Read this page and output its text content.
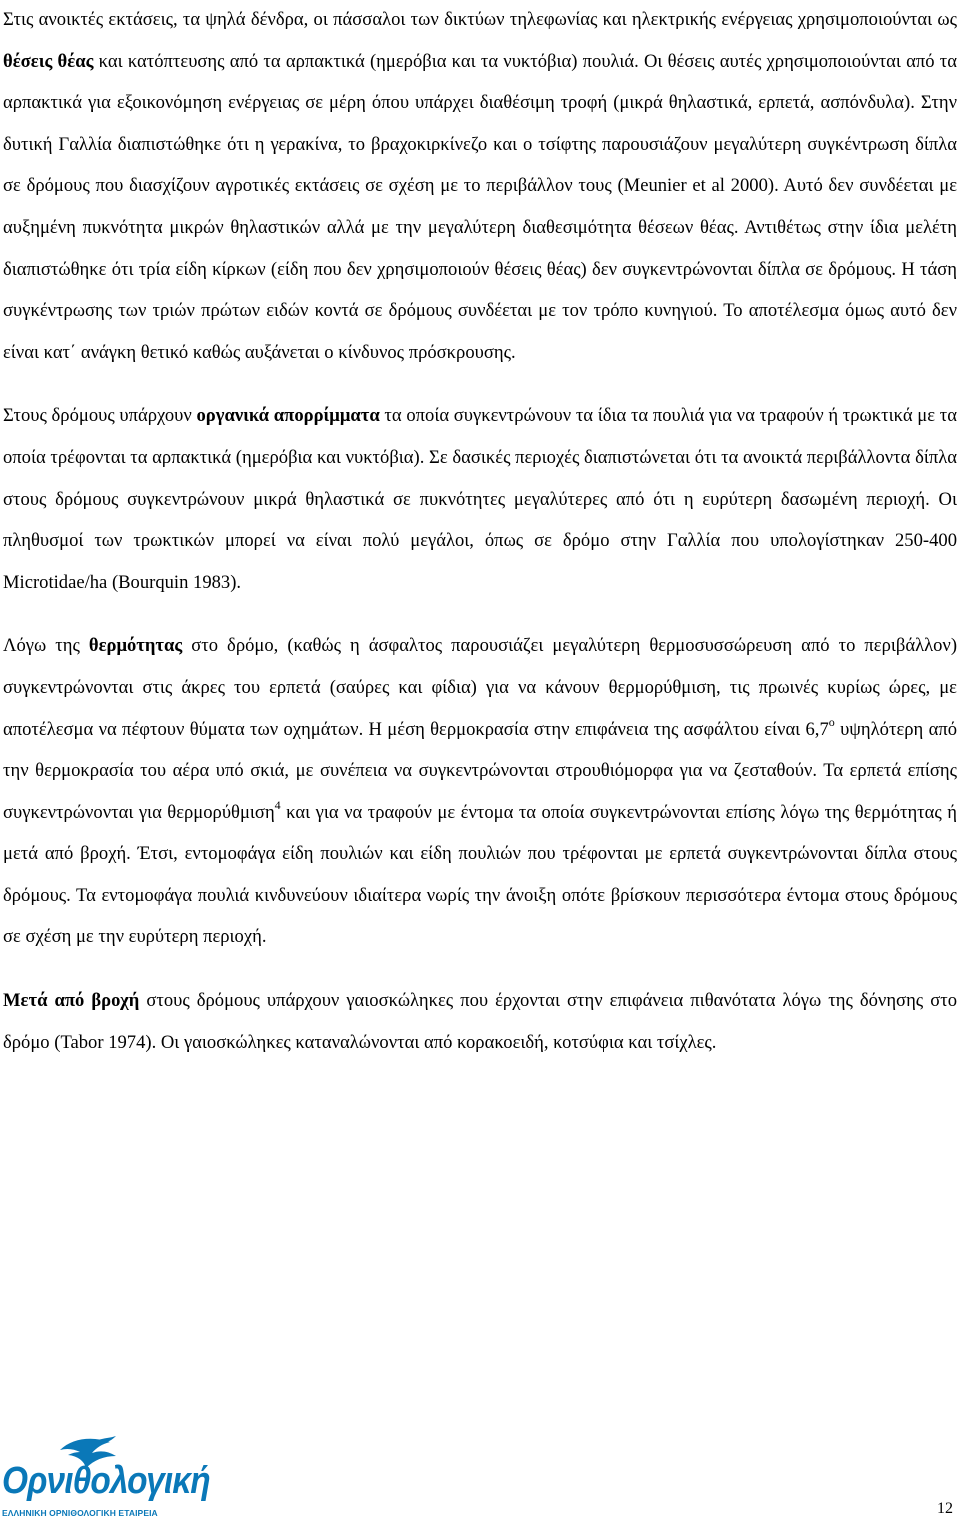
Στις ανοικτές εκτάσεις, τα ψηλά δένδρα, οι πάσσαλοι των δικτύων τηλεφωνίας και ηλεκτρικής ενέργειας χρησιμοποιούνται ως θέσεις θέας και κατόπτευσης από τα αρπακτικά (ημερόβια και τα νυκτόβια) πουλιά. Οι θέσεις αυτές χρησιμοποιούνται από τα αρπακτικά για εξοικονόμηση ενέργειας σε μέρη όπου υπάρχει διαθέσιμη τροφή (μικρά θηλαστικά, ερπετά, ασπόνδυλα). Στην δυτική Γαλλία διαπιστώθηκε ότι η γερακίνα, το βραχοκιρκίνεζο και ο τσίφτης παρουσιάζουν μεγαλύτερη συγκέντρωση δίπλα σε δρόμους που διασχίζουν αγροτικές εκτάσεις σε σχέση με το περιβάλλον τους (Meunier et al 2000). Αυτό δεν συνδέεται με αυξημένη πυκνότητα μικρών θηλαστικών αλλά με την μεγαλύτερη διαθεσιμότητα θέσεων θέας. Αντιθέτως στην ίδια μελέτη διαπιστώθηκε ότι τρία είδη κίρκων (είδη που δεν χρησιμοποιούν θέσεις θέας) δεν συγκεντρώνονται δίπλα σε δρόμους. Η τάση συγκέντρωσης των τριών πρώτων ειδών κοντά σε δρόμους συνδέεται με τον τρόπο κυνηγιού. Το αποτέλεσμα όμως αυτό δεν είναι κατ΄ ανάγκη θετικό καθώς αυξάνεται ο κίνδυνος πρόσκρουσης.

Στους δρόμους υπάρχουν οργανικά απορρίμματα τα οποία συγκεντρώνουν τα ίδια τα πουλιά για να τραφούν ή τρωκτικά με τα οποία τρέφονται τα αρπακτικά (ημερόβια και νυκτόβια). Σε δασικές περιοχές διαπιστώνεται ότι τα ανοικτά περιβάλλοντα δίπλα στους δρόμους συγκεντρώνουν μικρά θηλαστικά σε πυκνότητες μεγαλύτερες από ότι η ευρύτερη δασωμένη περιοχή. Οι πληθυσμοί των τρωκτικών μπορεί να είναι πολύ μεγάλοι, όπως σε δρόμο στην Γαλλία που υπολογίστηκαν 250-400 Microtidae/ha (Bourquin 1983).

Λόγω της θερμότητας στο δρόμο, (καθώς η άσφαλτος παρουσιάζει μεγαλύτερη θερμοσυσσώρευση από το περιβάλλον) συγκεντρώνονται στις άκρες του ερπετά (σαύρες και φίδια) για να κάνουν θερμορύθμιση, τις πρωινές κυρίως ώρες, με αποτέλεσμα να πέφτουν θύματα των οχημάτων. Η μέση θερμοκρασία στην επιφάνεια της ασφάλτου είναι $6,7^o$ υψηλότερη από την θερμοκρασία του αέρα υπό σκιά, με συνέπεια να συγκεντρώνονται στρουθιόμορφα για να ζεσταθούν. Τα ερπετά επίσης συγκεντρώνονται για θερμορύθμιση$^4$ και για να τραφούν με έντομα τα οποία συγκεντρώνονται επίσης λόγω της θερμότητας ή μετά από βροχή. Έτσι, εντομοφάγα είδη πουλιών και είδη πουλιών που τρέφονται με ερπετά συγκεντρώνονται δίπλα στους δρόμους. Τα εντομοφάγα πουλιά κινδυνεύουν ιδιαίτερα νωρίς την άνοιξη οπότε βρίσκουν περισσότερα έντομα στους δρόμους σε σχέση με την ευρύτερη περιοχή.

Μετά από βροχή στους δρόμους υπάρχουν γαιοσκώληκες που έρχονται στην επιφάνεια πιθανότατα λόγω της δόνησης στο δρόμο (Tabor 1974). Οι γαιοσκώληκες καταναλώνονται από κορακοειδή, κοτσύφια και τσίχλες.

Ορνιθολογική
ΕΛΛΗΝΙΚΗ ΟΡΝΙΘΟΛΟΓΙΚΗ ΕΤΑΙΡΕΙΑ	12
